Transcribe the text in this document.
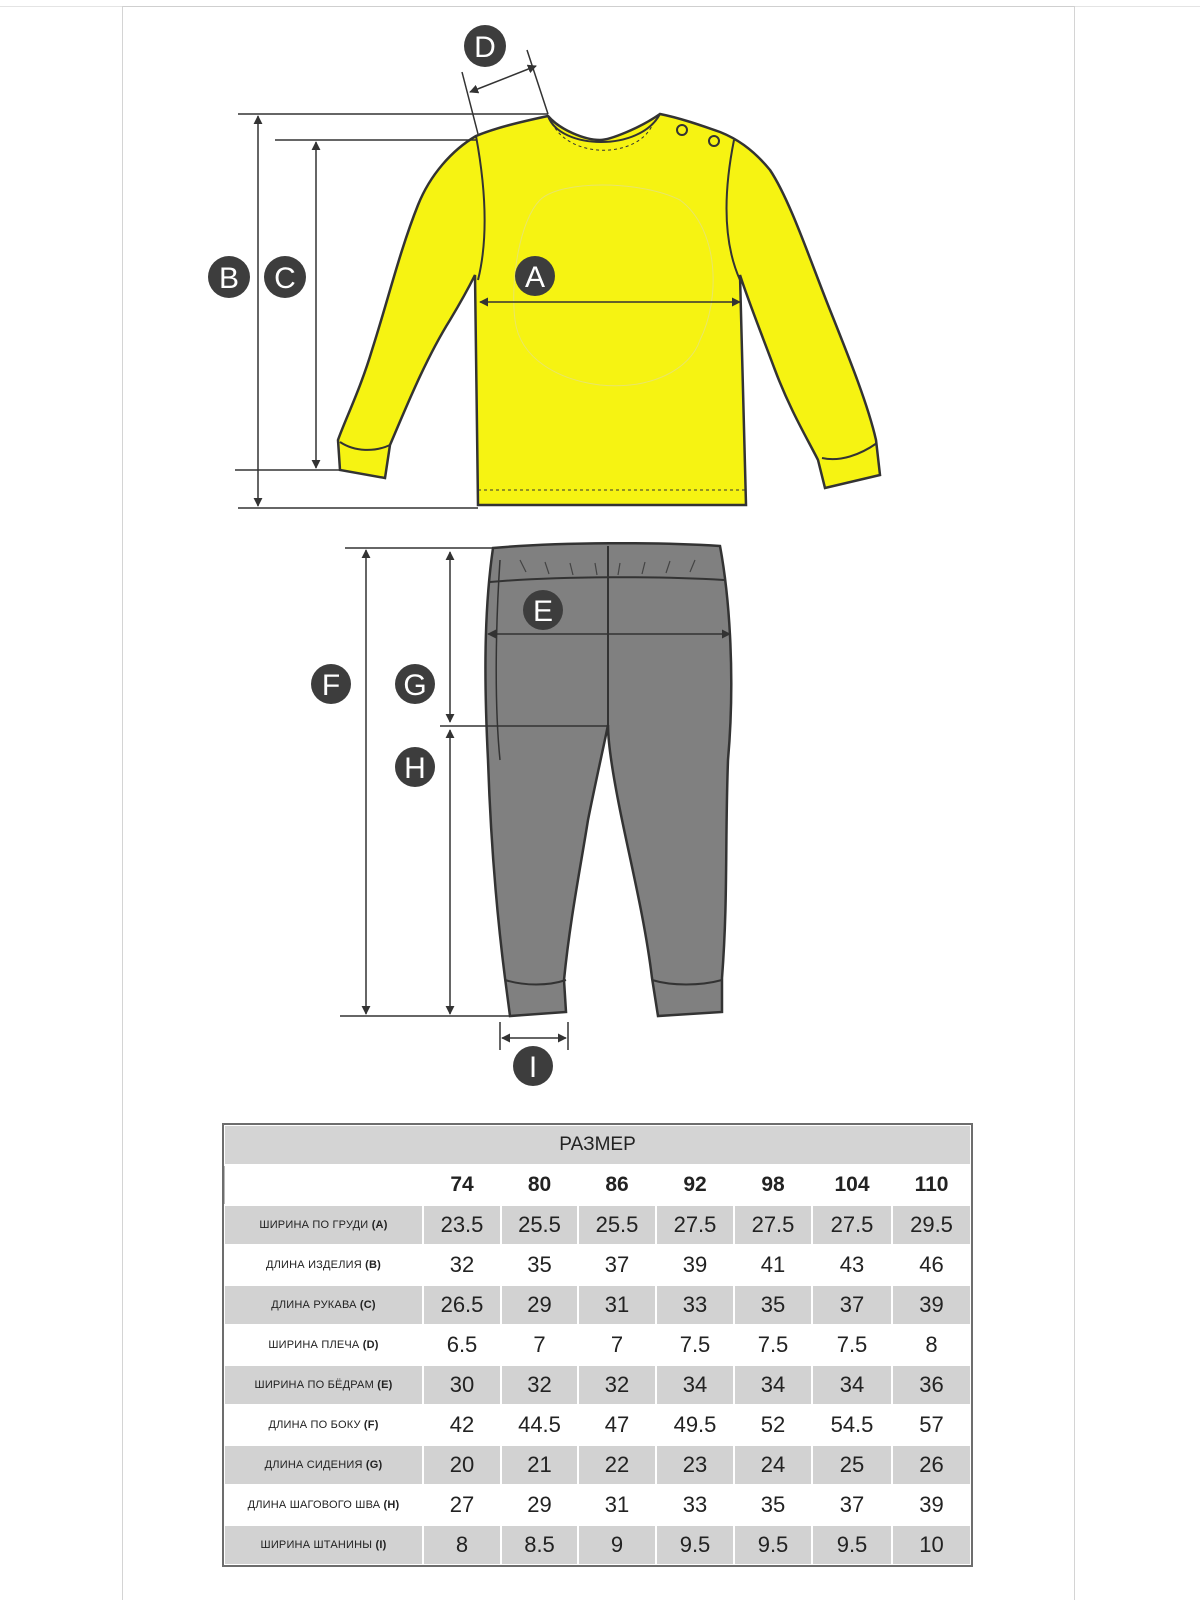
D
B C	A
E
F G
H
I
РАЗМЕР							
	74	80	86	92	98	104	110
ШИРИНА ПО ГРУДИ (A)	23.5	25.5	25.5	27.5	27.5	27.5	29.5
ДЛИНА ИЗДЕЛИЯ (B)	32	35	37	39	41	43	46
ДЛИНА РУКАВА (C)	26.5	29	31	33	35	37	39
ШИРИНА ПЛЕЧА (D)	6.5	7	7	7.5	7.5	7.5	8
ШИРИНА ПО БЁДРАМ (E)	30	32	32	34	34	34	36
ДЛИНА ПО БОКУ (F)	42	44.5	47	49.5	52	54.5	57
ДЛИНА СИДЕНИЯ (G)	20	21	22	23	24	25	26
ДЛИНА ШАГОВОГО ШВА (H)	27	29	31	33	35	37	39
ШИРИНА ШТАНИНЫ (I)	8	8.5	9	9.5	9.5	9.5	10
